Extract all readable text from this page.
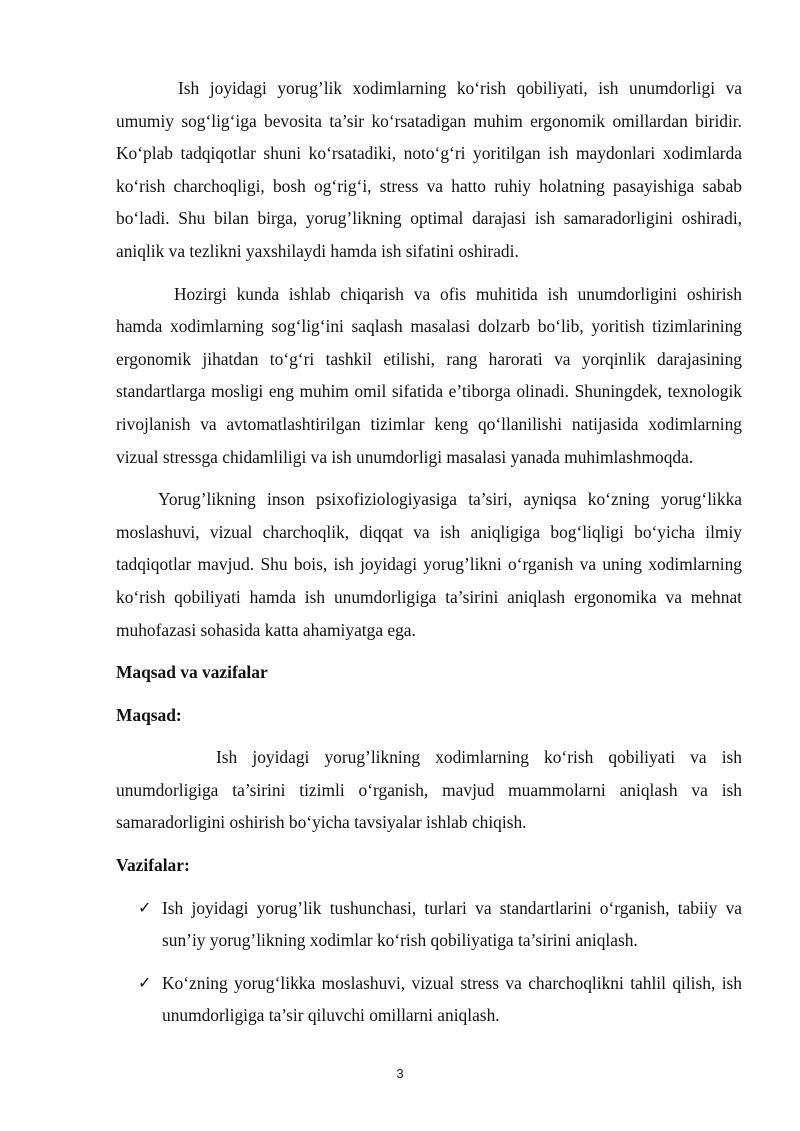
Ish joyidagi yorug’lik xodimlarning ko‘rish qobiliyati, ish unumdorligi va umumiy sog‘lig‘iga bevosita ta’sir ko‘rsatadigan muhim ergonomik omillardan biridir. Ko‘plab tadqiqotlar shuni ko‘rsatadiki, noto‘g‘ri yoritilgan ish maydonlari xodimlarda ko‘rish charchoqligi, bosh og‘rig‘i, stress va hatto ruhiy holatning pasayishiga sabab bo‘ladi. Shu bilan birga, yorug’likning optimal darajasi ish samaradorligini oshiradi, aniqlik va tezlikni yaxshilaydi hamda ish sifatini oshiradi.

Hozirgi kunda ishlab chiqarish va ofis muhitida ish unumdorligini oshirish hamda xodimlarning sog‘lig‘ini saqlash masalasi dolzarb bo‘lib, yoritish tizimlarining ergonomik jihatdan to‘g‘ri tashkil etilishi, rang harorati va yorqinlik darajasining standartlarga mosligi eng muhim omil sifatida e’tiborga olinadi. Shuningdek, texnologik rivojlanish va avtomatlashtirilgan tizimlar keng qo‘llanilishi natijasida xodimlarning vizual stressga chidamliligi va ish unumdorligi masalasi yanada muhimlashmoqda.

Yorug’likning inson psixofiziologiyasiga ta’siri, ayniqsa ko‘zning yorug‘likka moslashuvi, vizual charchoqlik, diqqat va ish aniqligiga bog‘liqligi bo‘yicha ilmiy tadqiqotlar mavjud. Shu bois, ish joyidagi yorug’likni o‘rganish va uning xodimlarning ko‘rish qobiliyati hamda ish unumdorligiga ta’sirini aniqlash ergonomika va mehnat muhofazasi sohasida katta ahamiyatga ega.

Maqsad va vazifalar
Maqsad:

Ish joyidagi yorug’likning xodimlarning ko‘rish qobiliyati va ish unumdorligiga ta’sirini tizimli o‘rganish, mavjud muammolarni aniqlash va ish samaradorligini oshirish bo‘yicha tavsiyalar ishlab chiqish.

Vazifalar:
✓ Ish joyidagi yorug’lik tushunchasi, turlari va standartlarini o‘rganish, tabiiy va sun’iy yorug’likning xodimlar ko‘rish qobiliyatiga ta’sirini aniqlash.
✓ Ko‘zning yorug‘likka moslashuvi, vizual stress va charchoqlikni tahlil qilish, ish unumdorligiga ta’sir qiluvchi omillarni aniqlash.
3
